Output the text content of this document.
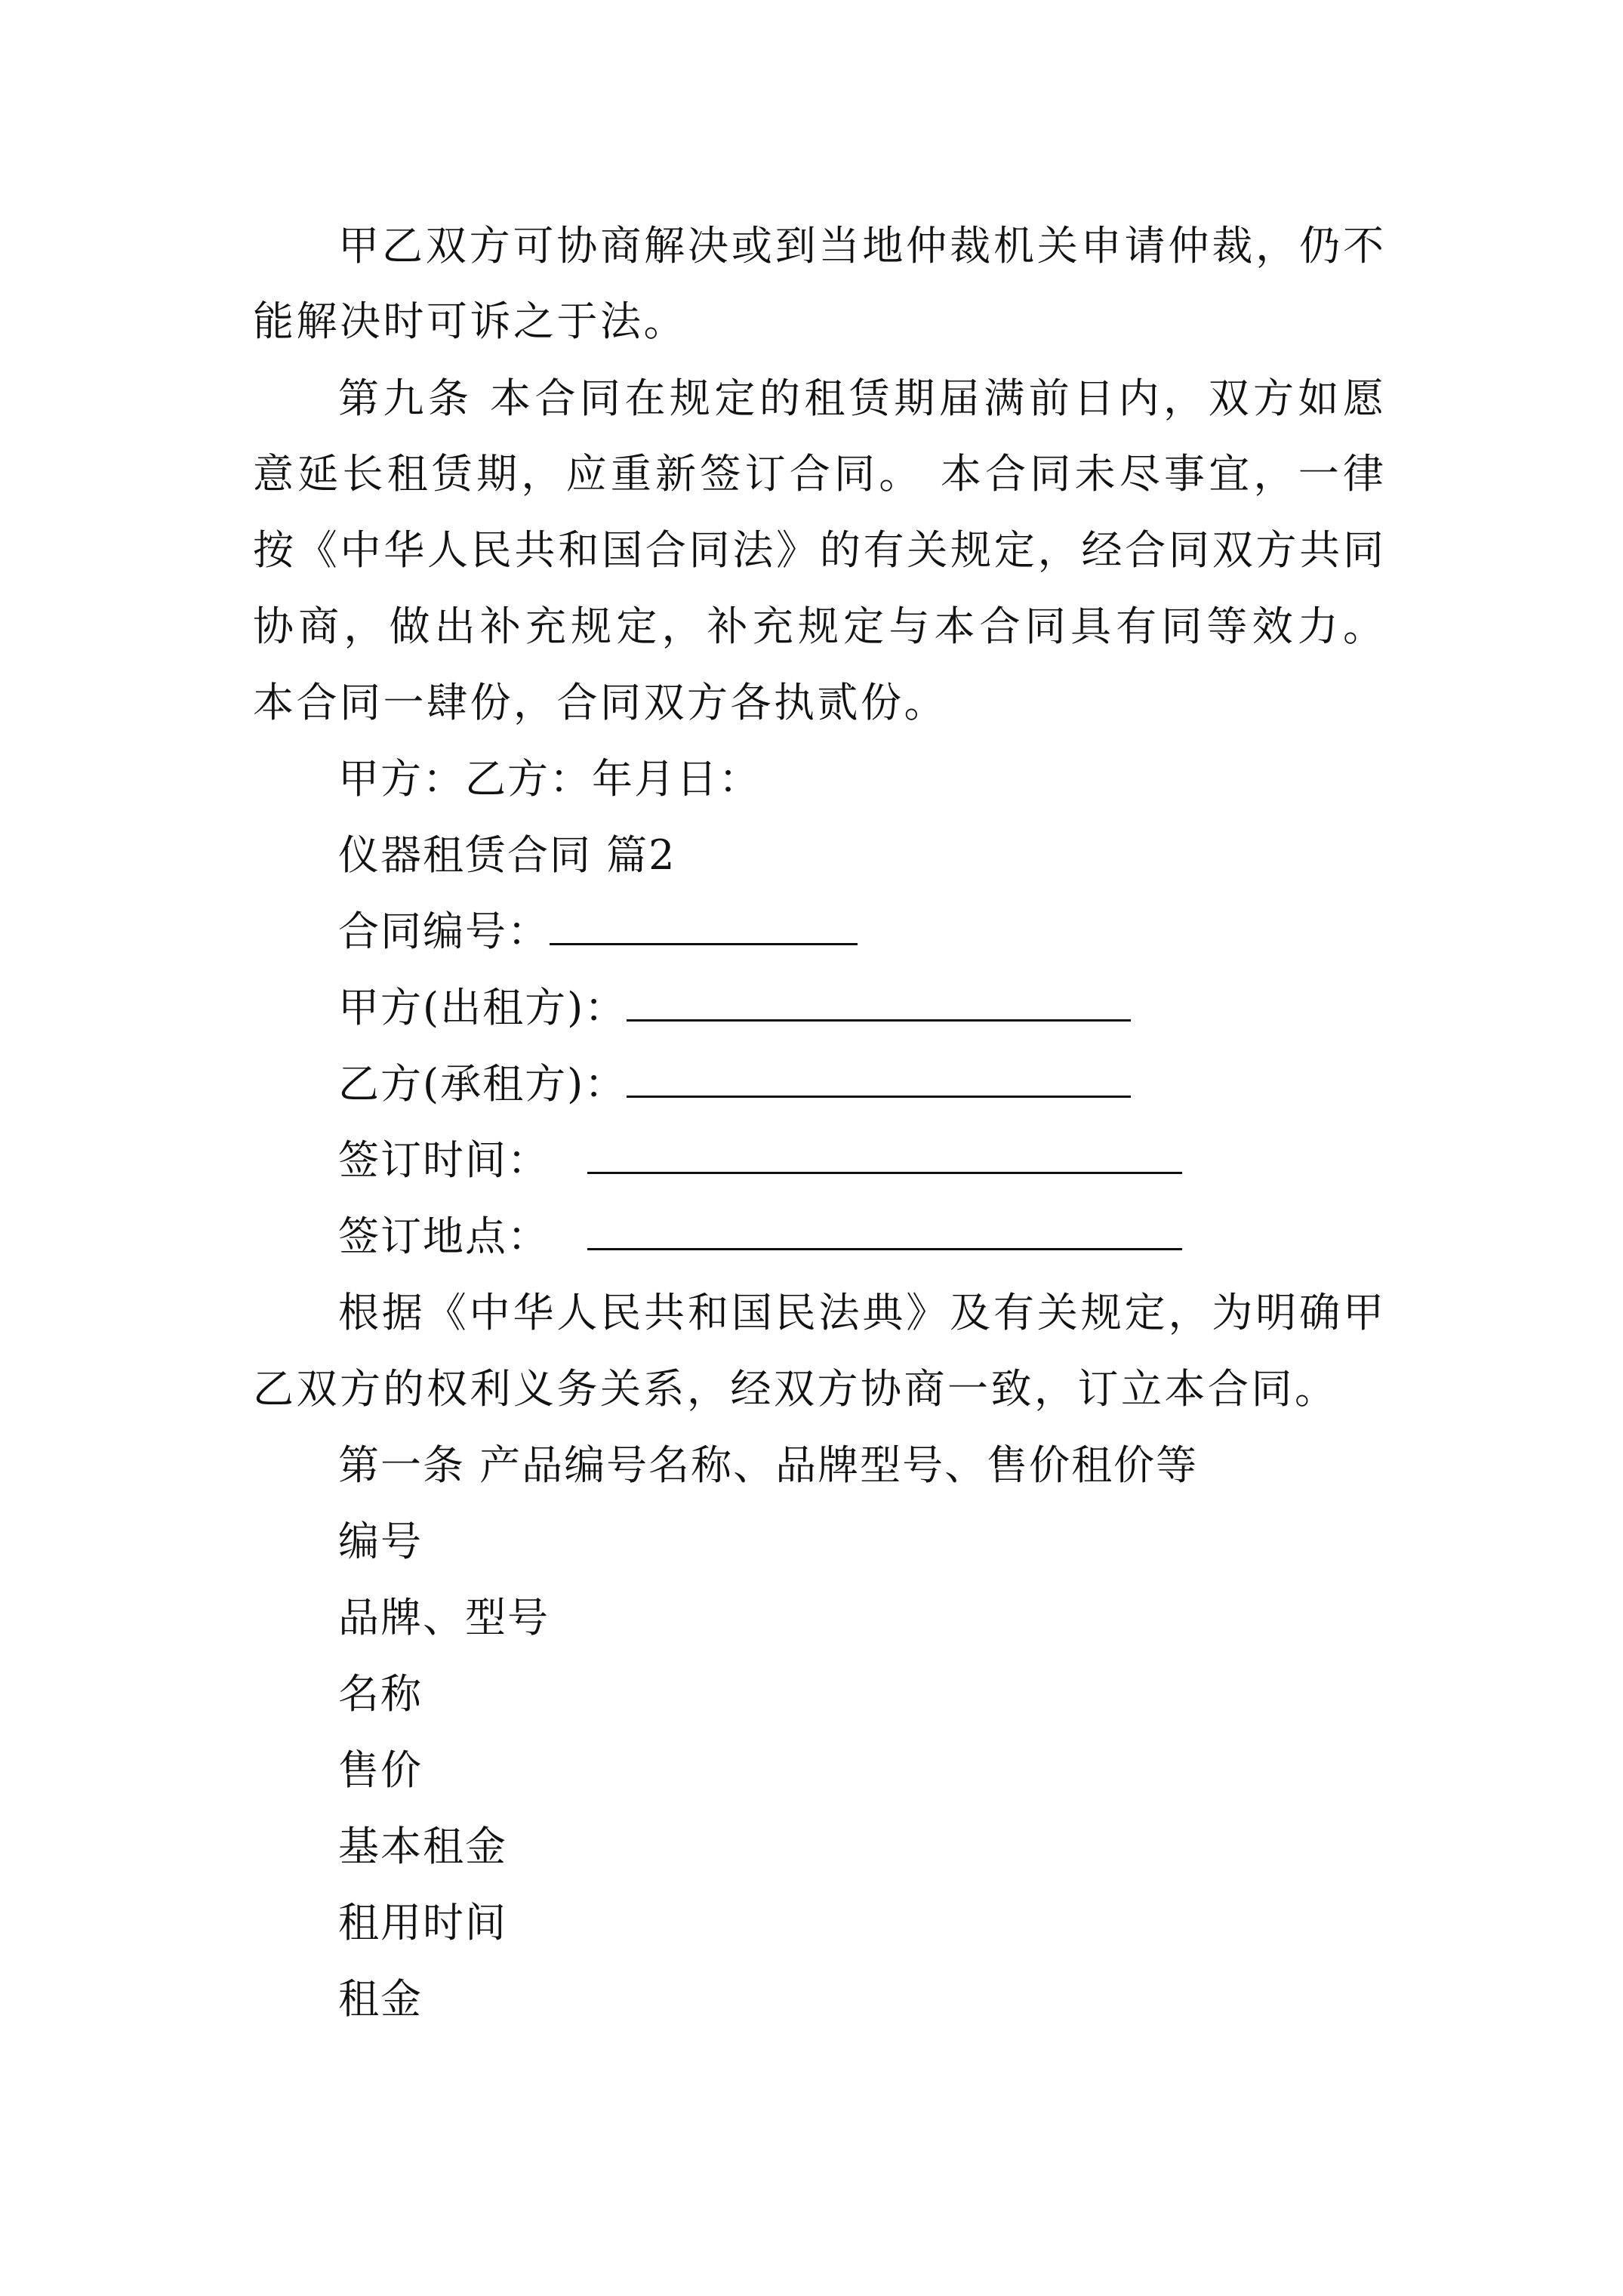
甲乙双方可协商解决或到当地仲裁机关申请仲裁，仍不
能解决时可诉之于法。
第九条 本合同在规定的租赁期届满前日内，双方如愿
意延长租赁期，应重新签订合同。 本合同未尽事宜，一律
按《中华人民共和国合同法》的有关规定，经合同双方共同
协商，做出补充规定，补充规定与本合同具有同等效力。
本合同一肆份，合同双方各执贰份。
甲方：乙方：年月日：
仪器租赁合同 篇2
合同编号：
甲方(出租方)：
乙方(承租方)：
签订时间：
签订地点：
根据《中华人民共和国民法典》及有关规定，为明确甲
乙双方的权利义务关系，经双方协商一致，订立本合同。
第一条 产品编号名称、品牌型号、售价租价等
编号
品牌、型号
名称
售价
基本租金
租用时间
租金
